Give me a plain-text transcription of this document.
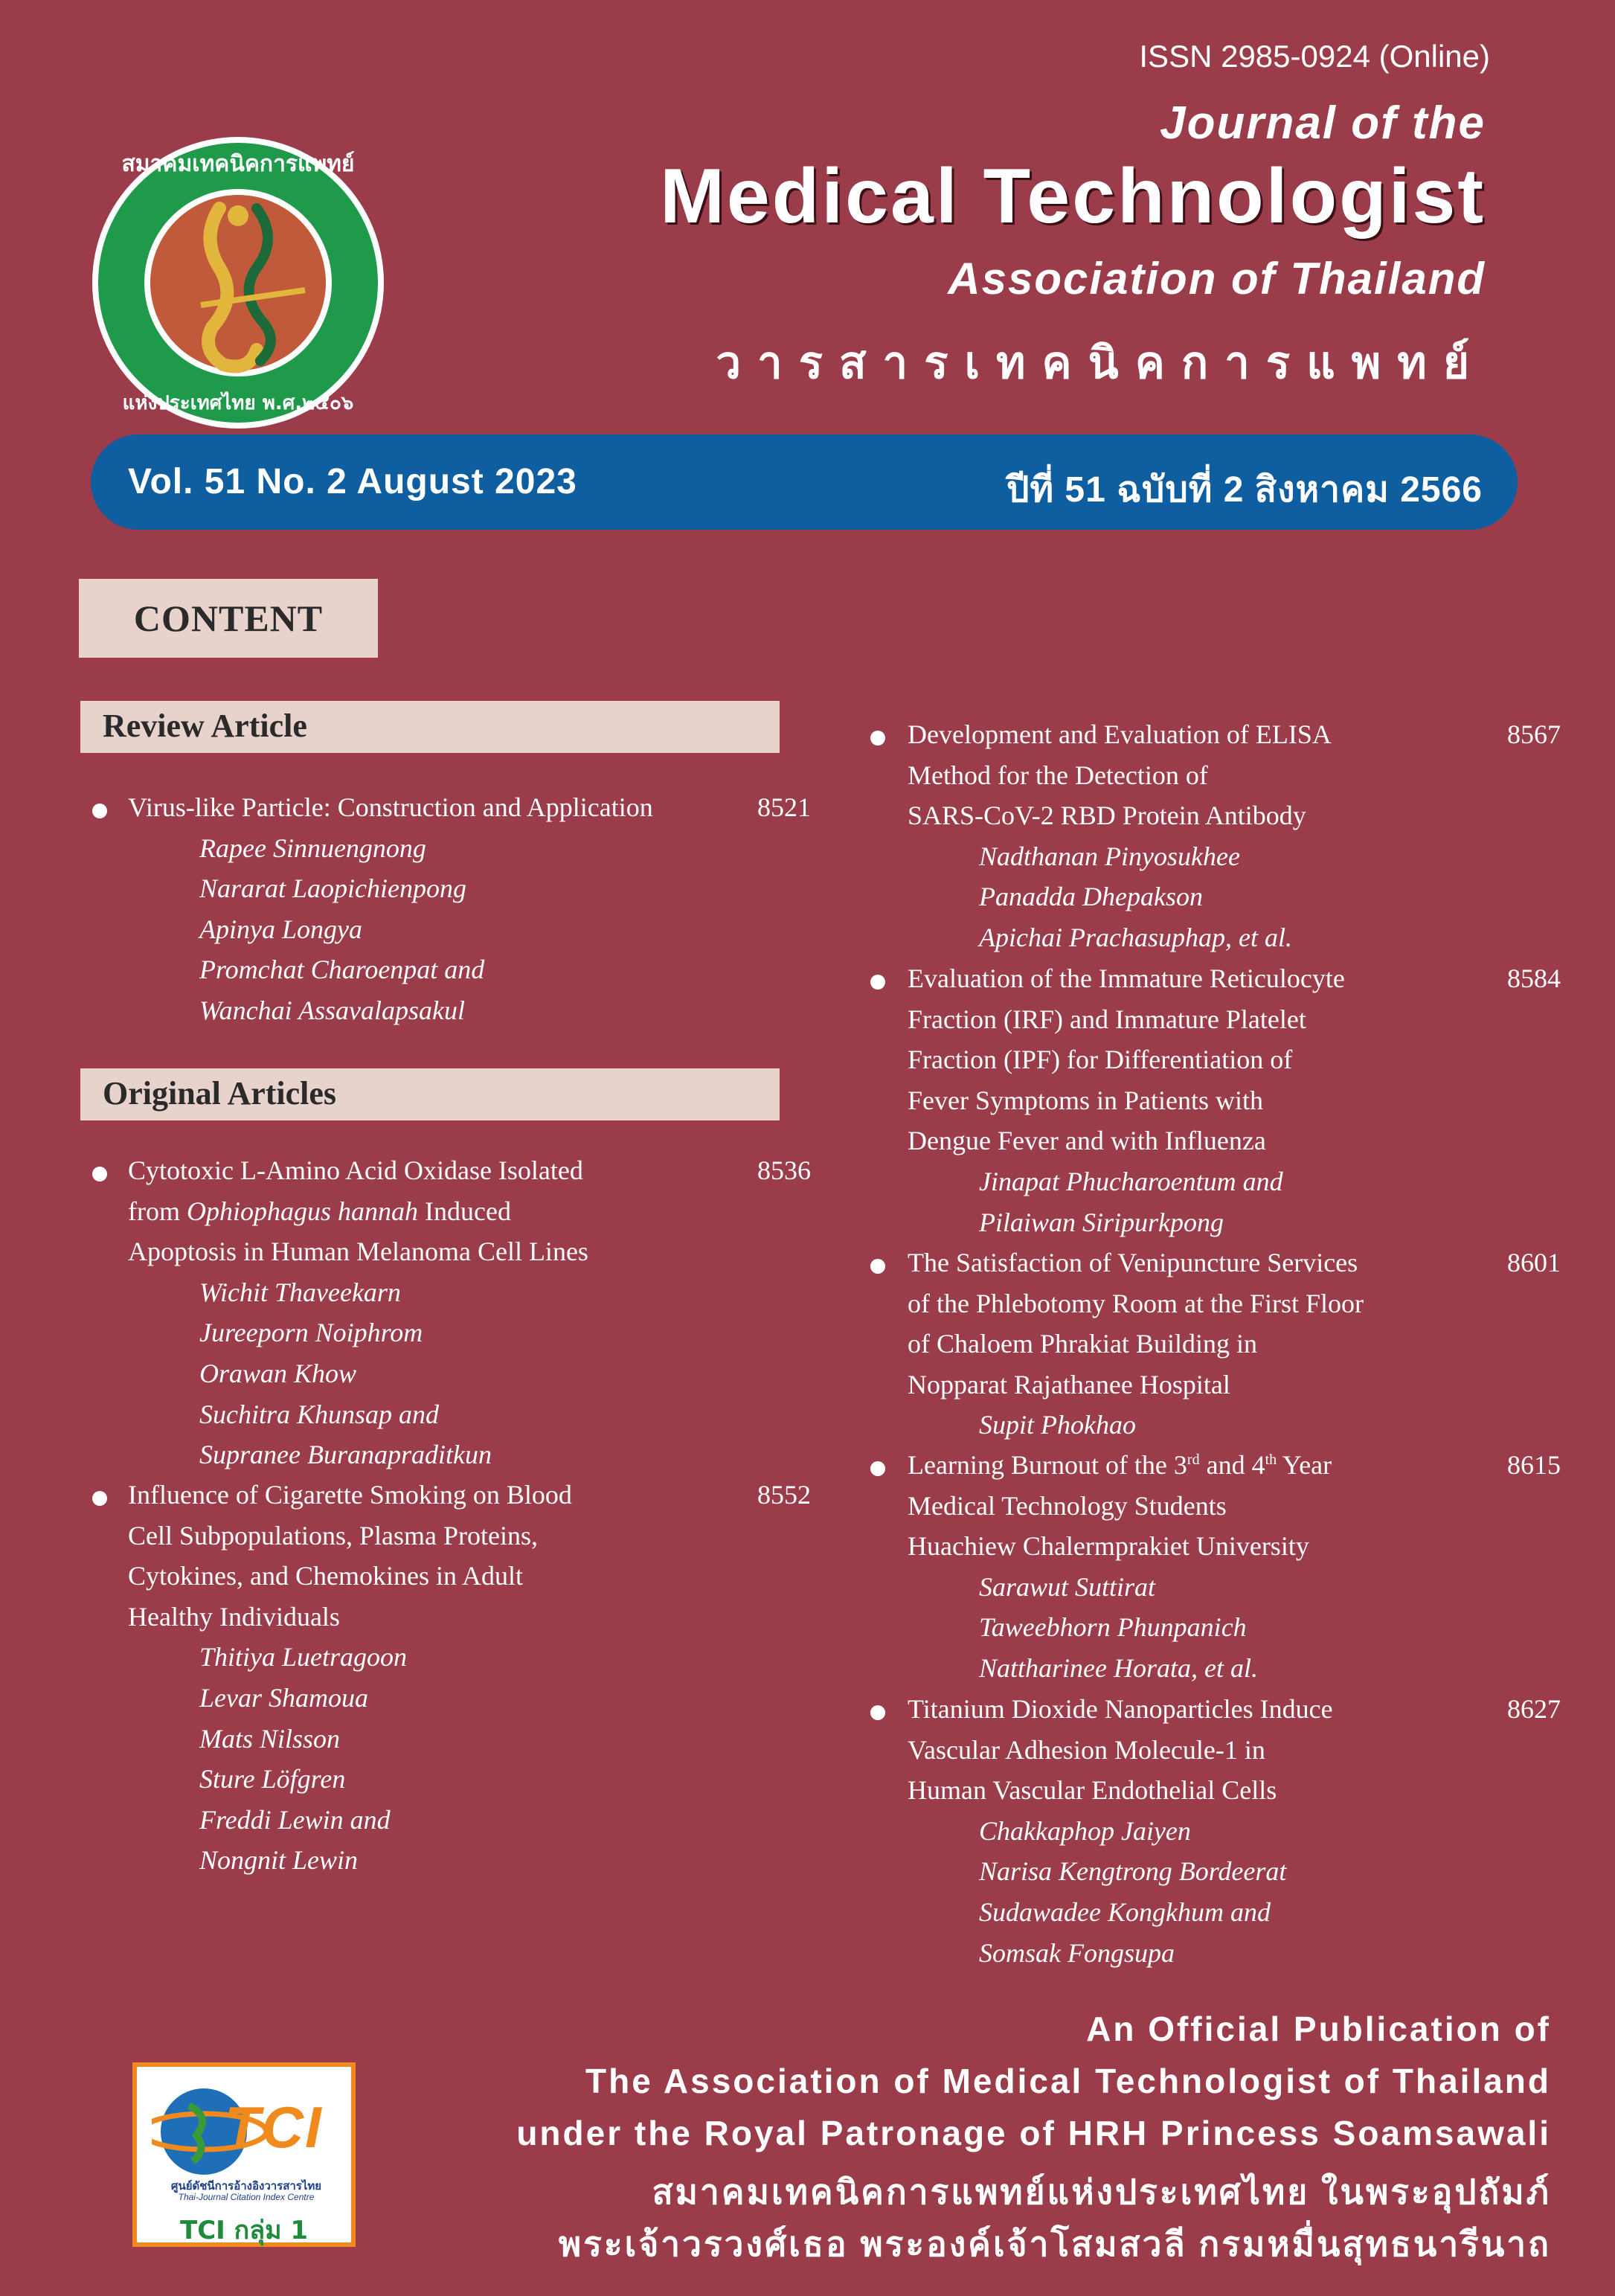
ISSN 2985-0924 (Online)
สมาคมเทคนิคการแพทย์
แห่งประเทศไทย พ.ศ.๒๕๐๖
Journal of the
Medical Technologist
Association of Thailand
วารสารเทคนิคการแพทย์
Vol. 51 No. 2 August 2023	ปีที่ 51 ฉบับที่ 2 สิงหาคม 2566
CONTENT
Review Article
Original Articles
8521
Virus-like Particle: Construction and Application
Rapee Sinnuengnong
Nararat Laopichienpong
Apinya Longya
Promchat Charoenpat and
Wanchai Assavalapsakul
8536
Cytotoxic L-Amino Acid Oxidase Isolated
from Ophiophagus hannah Induced
Apoptosis in Human Melanoma Cell Lines
Wichit Thaveekarn
Jureeporn Noiphrom
Orawan Khow
Suchitra Khunsap and
Supranee Buranapraditkun
8552
Influence of Cigarette Smoking on Blood
Cell Subpopulations, Plasma Proteins,
Cytokines, and Chemokines in Adult
Healthy Individuals
Thitiya Luetragoon
Levar Shamoua
Mats Nilsson
Sture Löfgren
Freddi Lewin and
Nongnit Lewin
8567
Development and Evaluation of ELISA
Method for the Detection of
SARS-CoV-2 RBD Protein Antibody
Nadthanan Pinyosukhee
Panadda Dhepakson
Apichai Prachasuphap, et al.
8584
Evaluation of the Immature Reticulocyte
Fraction (IRF) and Immature Platelet
Fraction (IPF) for Differentiation of
Fever Symptoms in Patients with
Dengue Fever and with Influenza
Jinapat Phucharoentum and
Pilaiwan Siripurkpong
8601
The Satisfaction of Venipuncture Services
of the Phlebotomy Room at the First Floor
of Chaloem Phrakiat Building in
Nopparat Rajathanee Hospital
Supit Phokhao
8615
Learning Burnout of the 3rd and 4th Year
Medical Technology Students
Huachiew Chalermprakiet University
Sarawut Suttirat
Taweebhorn Phunpanich
Nattharinee Horata, et al.
8627
Titanium Dioxide Nanoparticles Induce
Vascular Adhesion Molecule-1 in
Human Vascular Endothelial Cells
Chakkaphop Jaiyen
Narisa Kengtrong Bordeerat
Sudawadee Kongkhum and
Somsak Fongsupa
An Official Publication of
The Association of Medical Technologist of Thailand
under the Royal Patronage of HRH Princess Soamsawali
สมาคมเทคนิคการแพทย์แห่งประเทศไทย ในพระอุปถัมภ์
พระเจ้าวรวงศ์เธอ พระองค์เจ้าโสมสวลี กรมหมื่นสุทธนารีนาถ
TCI
ศูนย์ดัชนีการอ้างอิงวารสารไทย
Thai-Journal Citation Index Centre
TCI กลุ่ม 1
